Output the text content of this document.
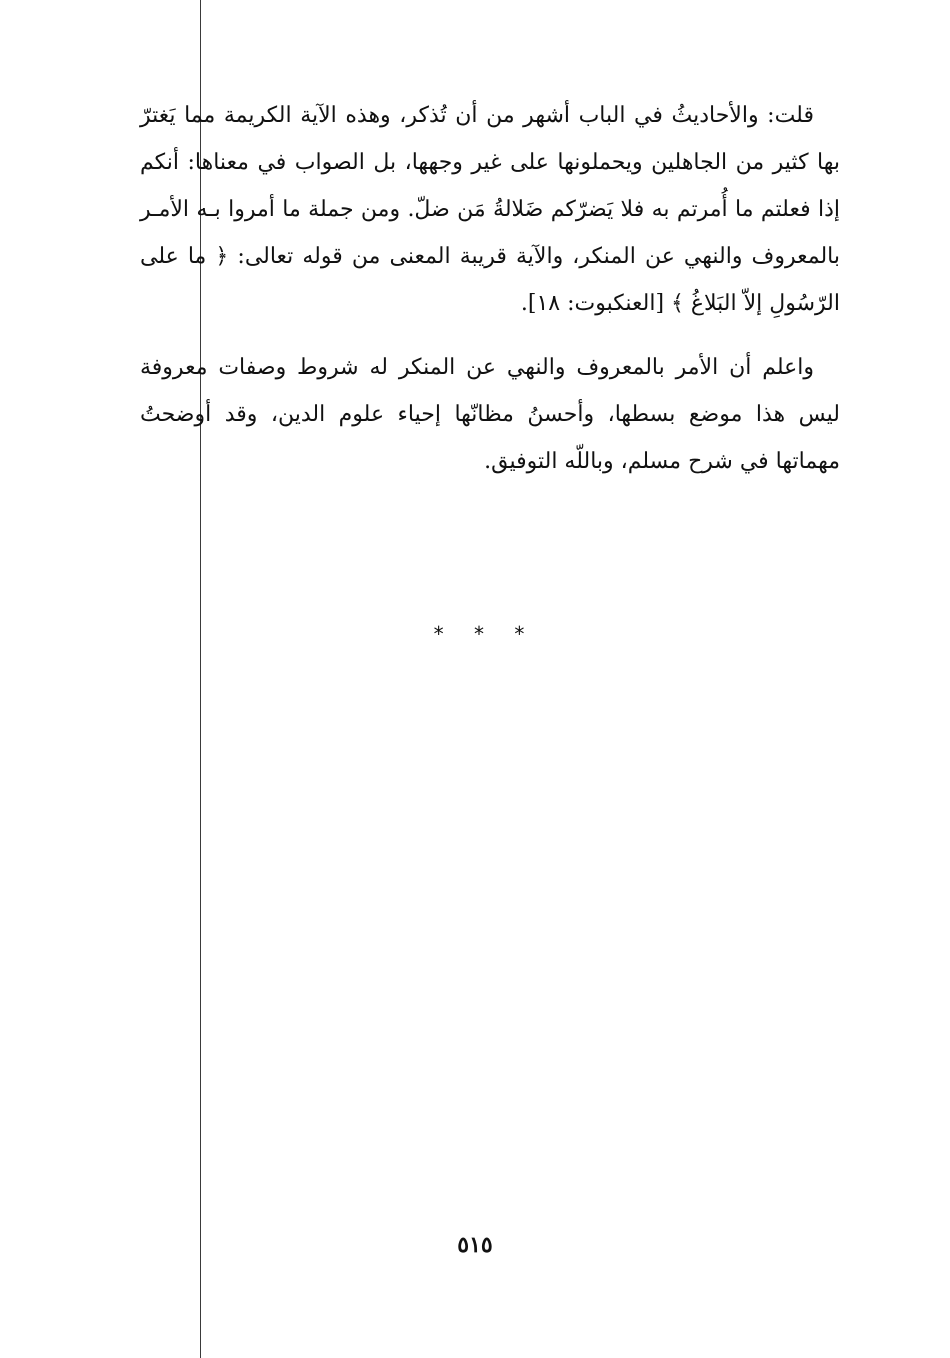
قلت: والأحاديثُ في الباب أشهر من أن تُذكر، وهذه الآية الكريمة مما يَغترّ بها كثير من الجاهلين ويحملونها على غير وجهها، بل الصواب في معناها: أنكم إذا فعلتم ما أُمرتم به فلا يَضرّكم ضَلالةُ مَن ضلّ. ومن جملة ما أمروا بـه الأمـر بالمعروف والنهي عن المنكر، والآية قريبة المعنى من قوله تعالى: ﴿ ما على الرّسُولِ إلاّ البَلاغُ ﴾ [العنكبوت: ١٨].

واعلم أن الأمر بالمعروف والنهي عن المنكر له شروط وصفات معروفة ليس هذا موضع بسطها، وأحسنُ مظانّها إحياء علوم الدين، وقد أوضحتُ مهماتها في شرح مسلم، وباللّه التوفيق.

* * *
٥١٥
